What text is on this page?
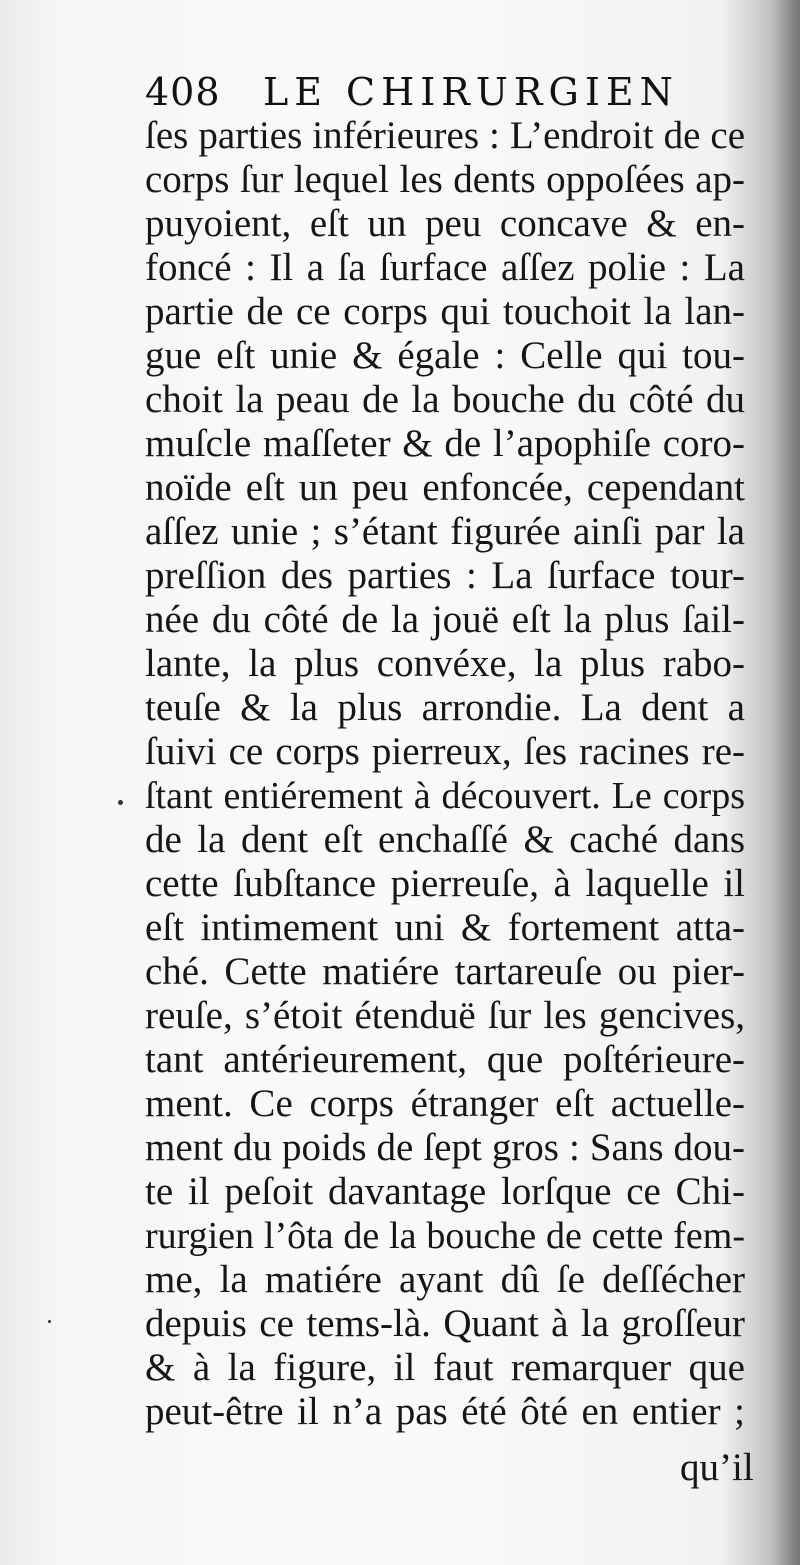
408 LE CHIRURGIEN
ſes parties inférieures : L’endroit de ce
corps ſur lequel les dents oppoſées ap-
puyoient, eſt un peu concave & en-
foncé : Il a ſa ſurface aſſez polie : La
partie de ce corps qui touchoit la lan-
gue eſt unie & égale : Celle qui tou-
choit la peau de la bouche du côté du
muſcle maſſeter & de l’apophiſe coro-
noïde eſt un peu enfoncée, cependant
aſſez unie ; s’étant figurée ainſi par la
preſſion des parties : La ſurface tour-
née du côté de la jouë eſt la plus ſail-
lante, la plus convéxe, la plus rabo-
teuſe & la plus arrondie. La dent a
ſuivi ce corps pierreux, ſes racines re-
ſtant entiérement à découvert. Le corps
de la dent eſt enchaſſé & caché dans
cette ſubſtance pierreuſe, à laquelle il
eſt intimement uni & fortement atta-
ché. Cette matiére tartareuſe ou pier-
reuſe, s’étoit étenduë ſur les gencives,
tant antérieurement, que poſtérieure-
ment. Ce corps étranger eſt actuelle-
ment du poids de ſept gros : Sans dou-
te il peſoit davantage lorſque ce Chi-
rurgien l’ôta de la bouche de cette fem-
me, la matiére ayant dû ſe deſſécher
depuis ce tems-là. Quant à la groſſeur
& à la figure, il faut remarquer que
peut-être il n’a pas été ôté en entier ;
qu’il
